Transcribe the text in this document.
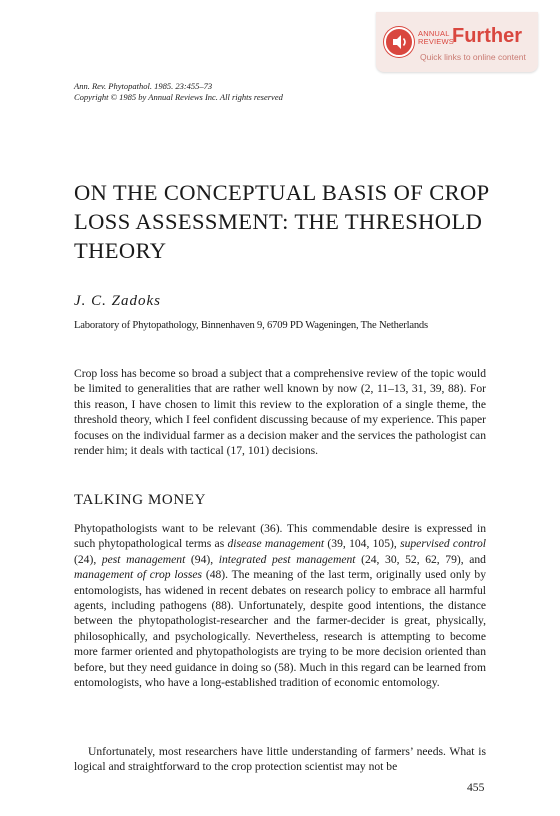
ANNUAL
REVIEWS
Further
Quick links to online content
Ann. Rev. Phytopathol. 1985. 23:455–73
Copyright © 1985 by Annual Reviews Inc. All rights reserved
ON THE CONCEPTUAL BASIS OF CROP LOSS ASSESSMENT: THE THRESHOLD THEORY
J. C. Zadoks
Laboratory of Phytopathology, Binnenhaven 9, 6709 PD Wageningen, The Netherlands

Crop loss has become so broad a subject that a comprehensive review of the topic would be limited to generalities that are rather well known by now (2, 11–13, 31, 39, 88). For this reason, I have chosen to limit this review to the exploration of a single theme, the threshold theory, which I feel confident discussing because of my experience. This paper focuses on the individual farmer as a decision maker and the services the pathologist can render him; it deals with tactical (17, 101) decisions.

TALKING MONEY

Phytopathologists want to be relevant (36). This commendable desire is expressed in such phytopathological terms as disease management (39, 104, 105), supervised control (24), pest management (94), integrated pest management (24, 30, 52, 62, 79), and management of crop losses (48). The meaning of the last term, originally used only by entomologists, has widened in recent debates on research policy to embrace all harmful agents, including pathogens (88). Unfortunately, despite good intentions, the distance between the phytopathologist-researcher and the farmer-decider is great, physically, philosophically, and psychologically. Nevertheless, research is attempting to become more farmer oriented and phytopathologists are trying to be more decision oriented than before, but they need guidance in doing so (58). Much in this regard can be learned from entomologists, who have a long-established tradition of economic entomology.

Unfortunately, most researchers have little understanding of farmers’ needs. What is logical and straightforward to the crop protection scientist may not be

455
